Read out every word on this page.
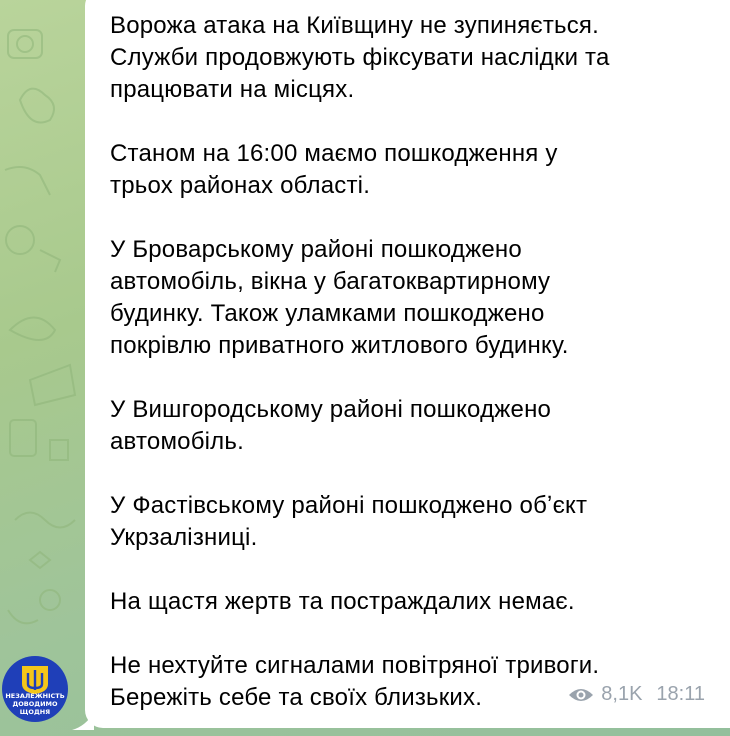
Ворожа атака на Київщину не зупиняється.
Служби продовжують фіксувати наслідки та
працювати на місцях.

Станом на 16:00 маємо пошкодження у
трьох районах області.

У Броварському районі пошкоджено
автомобіль, вікна у багатоквартирному
будинку. Також уламками пошкоджено
покрівлю приватного житлового будинку.

У Вишгородському районі пошкоджено
автомобіль.

У Фастівському районі пошкоджено обʼєкт
Укрзалізниці.

На щастя жертв та постраждалих немає.

Не нехтуйте сигналами повітряної тривоги.
Бережіть себе та своїх близьких.	8,1K 18:11
НЕЗАЛЕЖНІСТЬ
ДОВОДИМО ЩОДНЯ
